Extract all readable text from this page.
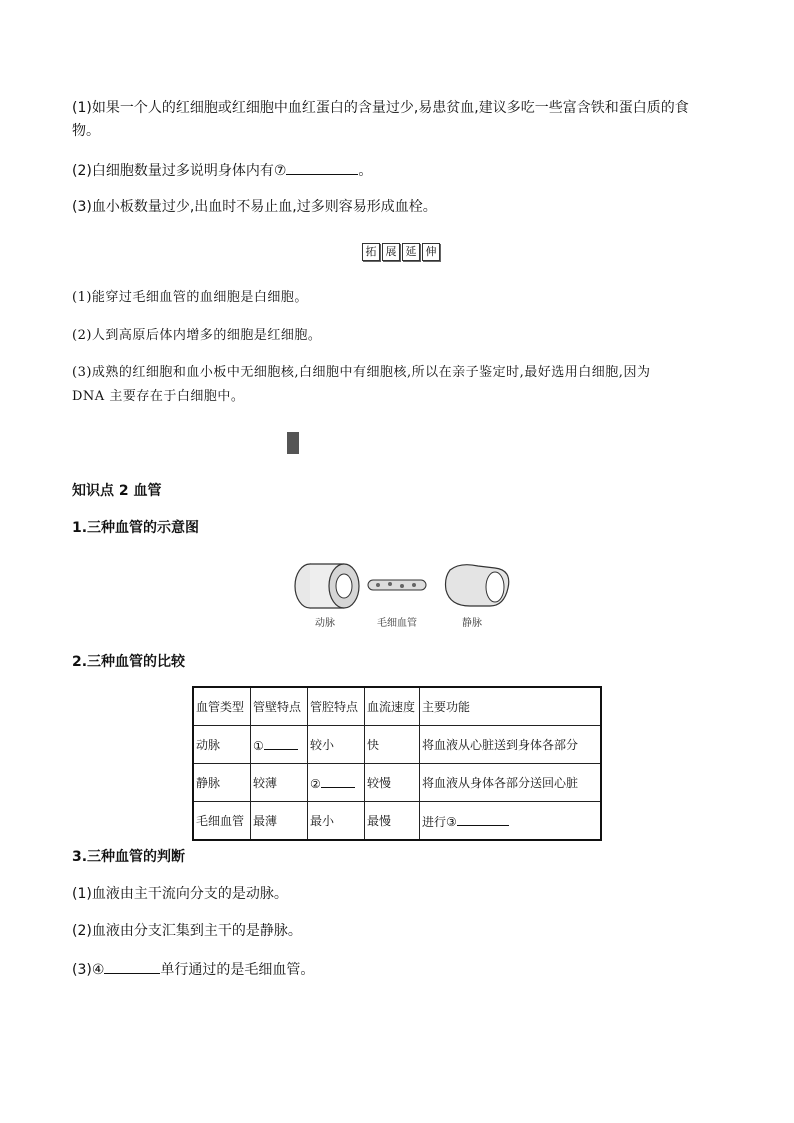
(1)如果一个人的红细胞或红细胞中血红蛋白的含量过少,易患贫血,建议多吃一些富含铁和蛋白质的食
物。
(2)白细胞数量过多说明身体内有⑦	。
(3)血小板数量过少,出血时不易止血,过多则容易形成血栓。
拓 展 延 伸
(1)能穿过毛细血管的血细胞是白细胞。
(2)人到高原后体内增多的细胞是红细胞。
(3)成熟的红细胞和血小板中无细胞核,白细胞中有细胞核,所以在亲子鉴定时,最好选用白细胞,因为
DNA 主要存在于白细胞中。
知识点 2 血管
1.三种血管的示意图
动脉	毛细血管	静脉
2.三种血管的比较
血管类型	管壁特点	管腔特点	血流速度	主要功能
动脉	①	较小	快	将血液从心脏送到身体各部分
静脉	较薄	②	较慢	将血液从身体各部分送回心脏
毛细血管	最薄	最小	最慢	进行③
3.三种血管的判断
(1)血液由主干流向分支的是动脉。
(2)血液由分支汇集到主干的是静脉。
(3)④	单行通过的是毛细血管。
